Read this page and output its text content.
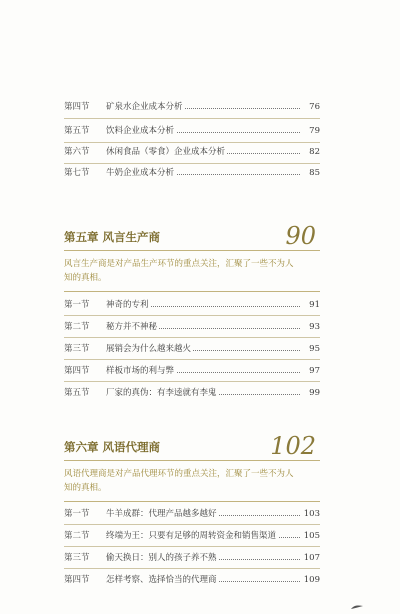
第四节	矿泉水企业成本分析	76
第五节	饮料企业成本分析	79
第六节	休闲食品（零食）企业成本分析	82
第七节	牛奶企业成本分析	85
第五章 风言生产商	90
风言生产商是对产品生产环节的重点关注，汇聚了一些不为人
知的真相。
第一节	神奇的专利	91
第二节	秘方并不神秘	93
第三节	展销会为什么越来越火	95
第四节	样板市场的利与弊	97
第五节	厂家的真伪：有李逵就有李鬼	99
第六章 风语代理商	102
风语代理商是对产品代理环节的重点关注，汇聚了一些不为人
知的真相。
第一节	牛羊成群：代理产品越多越好	103
第二节	终端为王：只要有足够的周转资金和销售渠道	105
第三节	偷天换日：别人的孩子养不熟	107
第四节	怎样考察、选择恰当的代理商	109
